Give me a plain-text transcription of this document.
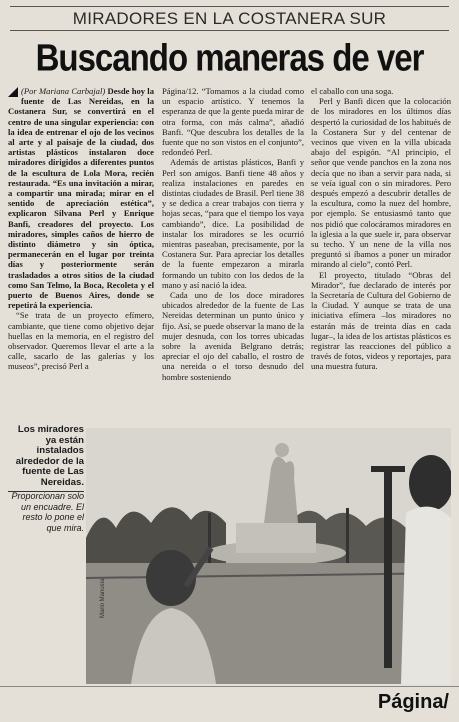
MIRADORES EN LA COSTANERA SUR
Buscando maneras de ver

(Por Mariana Carbajal) Desde hoy la fuente de Las Nereidas, en la Costanera Sur, se convertirá en el centro de una singular experiencia: con la idea de entrenar el ojo de los vecinos al arte y al paisaje de la ciudad, dos artistas plásticos instalaron doce miradores dirigidos a diferentes puntos de la escultura de Lola Mora, recién restaurada. “Es una invitación a mirar, a compartir una mirada; mirar en el sentido de apreciación estética”, explicaron Silvana Perl y Enrique Banfi, creadores del proyecto. Los miradores, simples caños de hierro de distinto diámetro y sin óptica, permanecerán en el lugar por treinta días y posteriormente serán trasladados a otros sitios de la ciudad como San Telmo, la Boca, Recoleta y el puerto de Buenos Aires, donde se repetirá la experiencia.

“Se trata de un proyecto efímero, cambiante, que tiene como objetivo dejar huellas en la memoria, en el registro del observador. Queremos llevar el arte a la calle, sacarlo de las galerías y los museos”, precisó Perl a

Página/12. “Tomamos a la ciudad como un espacio artístico. Y tenemos la esperanza de que la gente pueda mirar de otra forma, con más calma”, añadió Banfi. “Que descubra los detalles de la fuente que no son vistos en el conjunto”, redondeó Perl.

Además de artistas plásticos, Banfi y Perl son amigos. Banfi tiene 48 años y realiza instalaciones en paredes en distintas ciudades de Brasil. Perl tiene 38 y se dedica a crear trabajos con tierra y hojas secas, “para que el tiempo los vaya cambiando”, dice. La posibilidad de instalar los miradores se les ocurrió mientras paseaban, precisamente, por la Costanera Sur. Para apreciar los detalles de la fuente empezaron a mirarla formando un tubito con los dedos de la mano y así nació la idea.

Cada uno de los doce miradores ubicados alrededor de la fuente de Las Nereidas determinan un punto único y fijo. Así, se puede observar la mano de la mujer desnuda, con los torres ubicadas sobre la avenida Belgrano detrás; apreciar el ojo del caballo, el rostro de una nereida o el torso desnudo del hombre sosteniendo

el caballo con una soga.

Perl y Banfi dicen que la colocación de los miradores en los últimos días despertó la curiosidad de los habitués de la Costanera Sur y del centenar de vecinos que viven en la villa ubicada abajo del espigón. “Al principio, el señor que vende panchos en la zona nos decía que no iban a servir para nada, si se veía igual con o sin miradores. Pero después empezó a descubrir detalles de la escultura, como la nuez del hombre, por ejemplo. Se entusiasmó tanto que nos pidió que colocáramos miradores en la iglesia a la que suele ir, para observar su techo. Y un nene de la villa nos preguntó si íbamos a poner un mirador mirando al cielo”, contó Perl.

El proyecto, titulado “Obras del Mirador”, fue declarado de interés por la Secretaría de Cultura del Gobierno de la Ciudad. Y aunque se trata de una iniciativa efímera –los miradores no estarán más de treinta días en cada lugar–, la idea de los artistas plásticos es registrar las reacciones del público a través de fotos, videos y reportajes, para una muestra futura.

Los miradores ya están instalados alrededor de la fuente de Las Nereidas.
Proporcionan solo un encuadre. El resto lo pone el que mira.
Mario Manusia
Página/
